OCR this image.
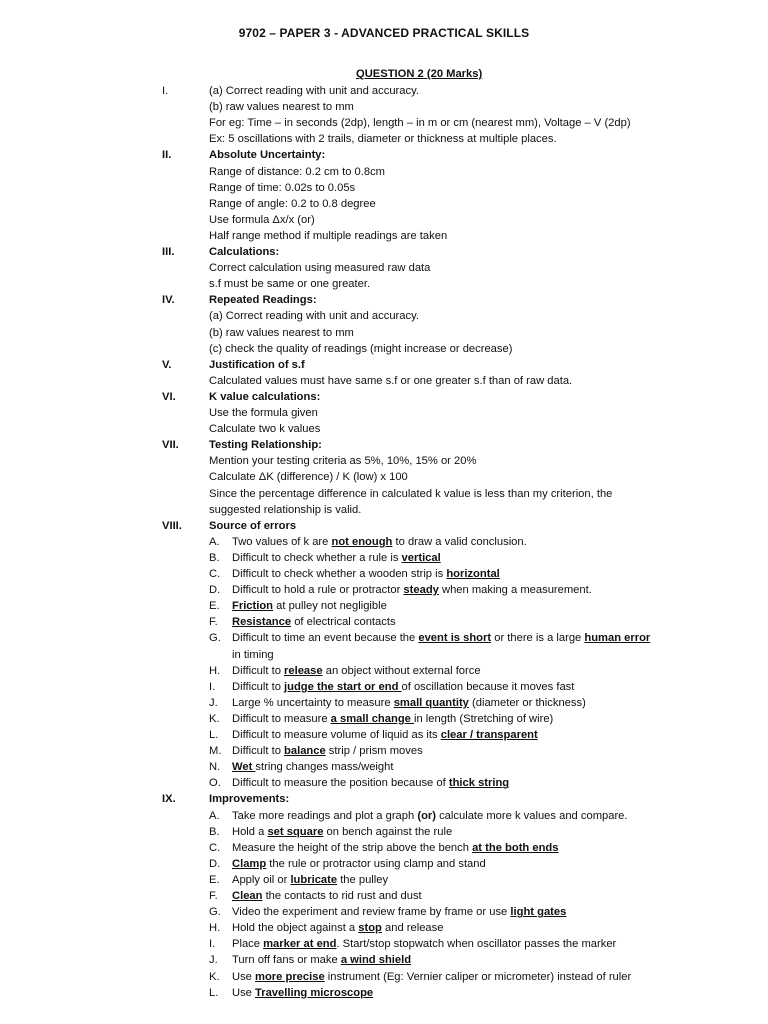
9702 – PAPER 3 - ADVANCED PRACTICAL SKILLS
QUESTION 2 (20 Marks)
I.	(a) Correct reading with unit and accuracy.
(b) raw values nearest to mm
For eg: Time – in seconds (2dp), length – in m or cm (nearest mm), Voltage – V (2dp)
Ex: 5 oscillations with 2 trails, diameter or thickness at multiple places.
II.	Absolute Uncertainty:
Range of distance: 0.2 cm to 0.8cm
Range of time: 0.02s to 0.05s
Range of angle: 0.2 to 0.8 degree
Use formula Δx/x (or)
Half range method if multiple readings are taken
III.	Calculations:
Correct calculation using measured raw data
s.f must be same or one greater.
IV.	Repeated Readings:
(a) Correct reading with unit and accuracy.
(b) raw values nearest to mm
(c) check the quality of readings (might increase or decrease)
V.	Justification of s.f
Calculated values must have same s.f or one greater s.f than of raw data.
VI.	K value calculations:
Use the formula given
Calculate two k values
VII.	Testing Relationship:
Mention your testing criteria as 5%, 10%, 15% or 20%
Calculate ΔK (difference) / K (low) x 100
Since the percentage difference in calculated k value is less than my criterion, the
suggested relationship is valid.
VIII. Source of errors
A. Two values of k are not enough to draw a valid conclusion.
B. Difficult to check whether a rule is vertical
C. Difficult to check whether a wooden strip is horizontal
D. Difficult to hold a rule or protractor steady when making a measurement.
E. Friction at pulley not negligible
F. Resistance of electrical contacts
G. Difficult to time an event because the event is short or there is a large human error
in timing
H. Difficult to release an object without external force
I. Difficult to judge the start or end of oscillation because it moves fast
J. Large % uncertainty to measure small quantity (diameter or thickness)
K. Difficult to measure a small change in length (Stretching of wire)
L. Difficult to measure volume of liquid as its clear / transparent
M. Difficult to balance strip / prism moves
N. Wet string changes mass/weight
O. Difficult to measure the position because of thick string
IX.	Improvements:
A. Take more readings and plot a graph (or) calculate more k values and compare.
B. Hold a set square on bench against the rule
C. Measure the height of the strip above the bench at the both ends
D. Clamp the rule or protractor using clamp and stand
E. Apply oil or lubricate the pulley
F. Clean the contacts to rid rust and dust
G. Video the experiment and review frame by frame or use light gates
H. Hold the object against a stop and release
I. Place marker at end. Start/stop stopwatch when oscillator passes the marker
J. Turn off fans or make a wind shield
K. Use more precise instrument (Eg: Vernier caliper or micrometer) instead of ruler
L. Use Travelling microscope
